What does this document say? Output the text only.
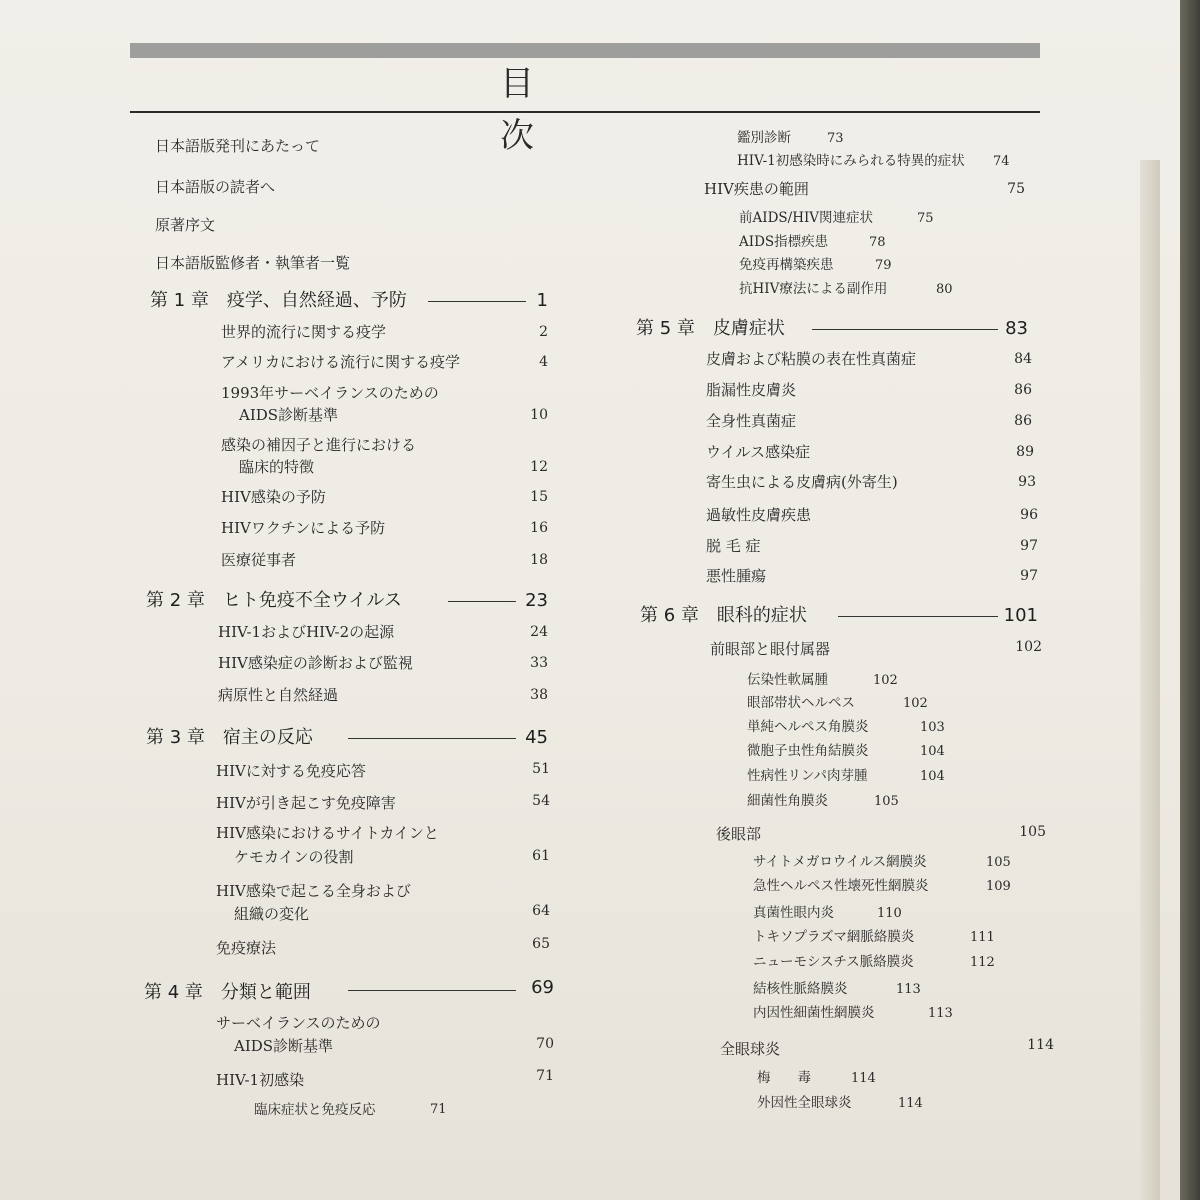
目 次
日本語版発刊にあたって
日本語版の読者へ
原著序文
日本語版監修者・執筆者一覧
第 1 章　疫学、自然経過、予防	1
世界的流行に関する疫学	2
アメリカにおける流行に関する疫学	4
1993年サーベイランスのための
AIDS診断基準	10
感染の補因子と進行における
臨床的特徴	12
HIV感染の予防	15
HIVワクチンによる予防	16
医療従事者	18
第 2 章　ヒト免疫不全ウイルス	23
HIV-1およびHIV-2の起源	24
HIV感染症の診断および監視	33
病原性と自然経過	38
第 3 章　宿主の反応	45
HIVに対する免疫応答	51
HIVが引き起こす免疫障害	54
HIV感染におけるサイトカインと
ケモカインの役割	61
HIV感染で起こる全身および
組織の変化	64
免疫療法	65
第 4 章　分類と範囲	69
サーベイランスのための
AIDS診断基準	70
HIV-1初感染	71
臨床症状と免疫反応	71
鑑別診断	73
HIV-1初感染時にみられる特異的症状 74
HIV疾患の範囲	75
前AIDS/HIV関連症状	75
AIDS指標疾患	78
免疫再構築疾患	79
抗HIV療法による副作用	80
第 5 章　皮膚症状	83
皮膚および粘膜の表在性真菌症	84
脂漏性皮膚炎	86
全身性真菌症	86
ウイルス感染症	89
寄生虫による皮膚病(外寄生)	93
過敏性皮膚疾患	96
脱 毛 症	97
悪性腫瘍	97
第 6 章　眼科的症状	101
前眼部と眼付属器	102
伝染性軟属腫	102
眼部帯状ヘルペス	102
単純ヘルペス角膜炎	103
微胞子虫性角結膜炎	104
性病性リンパ肉芽腫	104
細菌性角膜炎	105
後眼部	105
サイトメガロウイルス網膜炎	105
急性ヘルペス性壊死性網膜炎	109
真菌性眼内炎	110
トキソプラズマ網脈絡膜炎	111
ニューモシスチス脈絡膜炎	112
結核性脈絡膜炎	113
内因性細菌性網膜炎	113
全眼球炎	114
梅　　毒	114
外因性全眼球炎	114
